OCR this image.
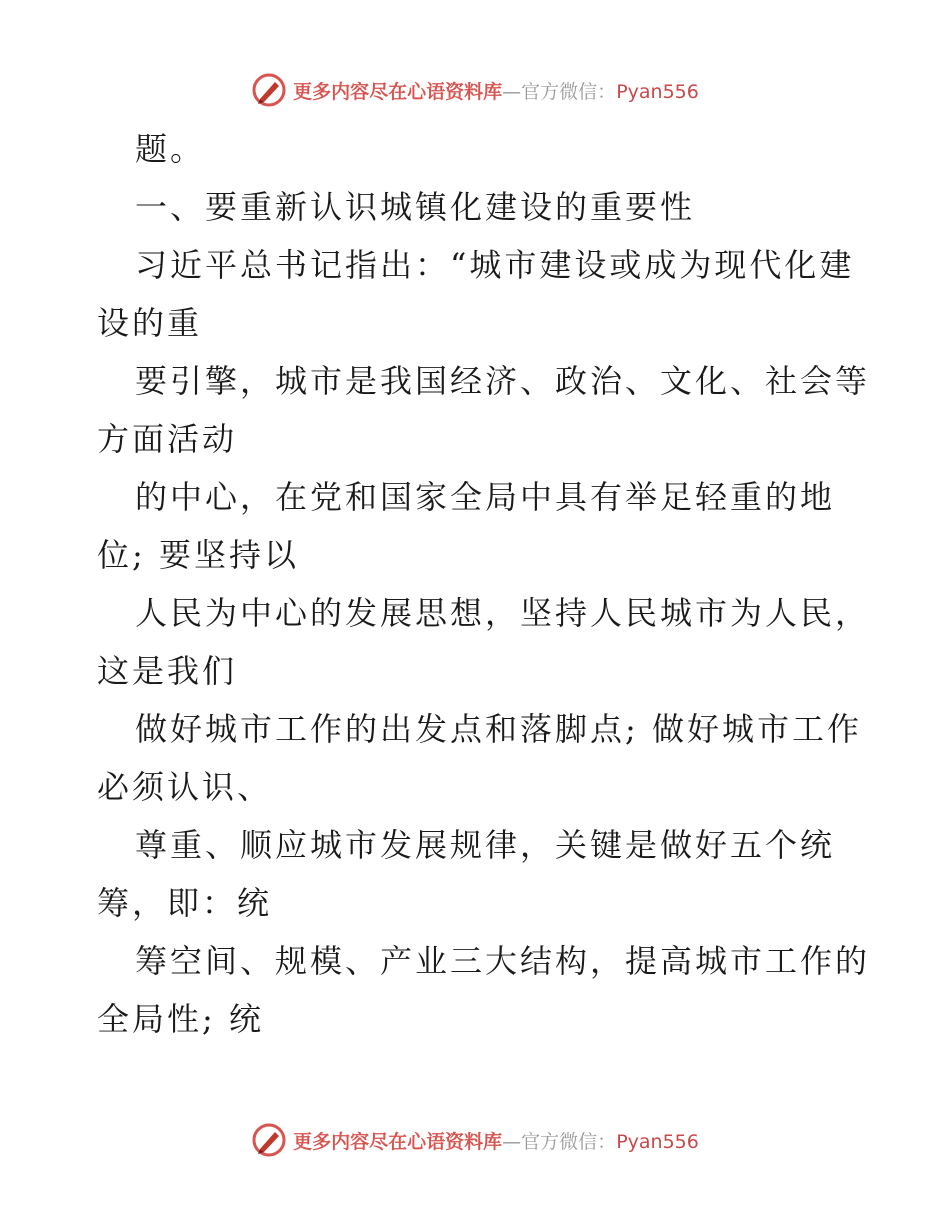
更多内容尽在心语资料库—官方微信：Pyan556
题。
一、要重新认识城镇化建设的重要性
习近平总书记指出：“城市建设或成为现代化建
设的重
要引擎，城市是我国经济、政治、文化、社会等
方面活动
的中心，在党和国家全局中具有举足轻重的地
位; 要坚持以
人民为中心的发展思想，坚持人民城市为人民，
这是我们
做好城市工作的出发点和落脚点; 做好城市工作
必须认识、
尊重、顺应城市发展规律，关键是做好五个统
筹，即：统
筹空间、规模、产业三大结构，提高城市工作的
全局性; 统
更多内容尽在心语资料库—官方微信：Pyan556
